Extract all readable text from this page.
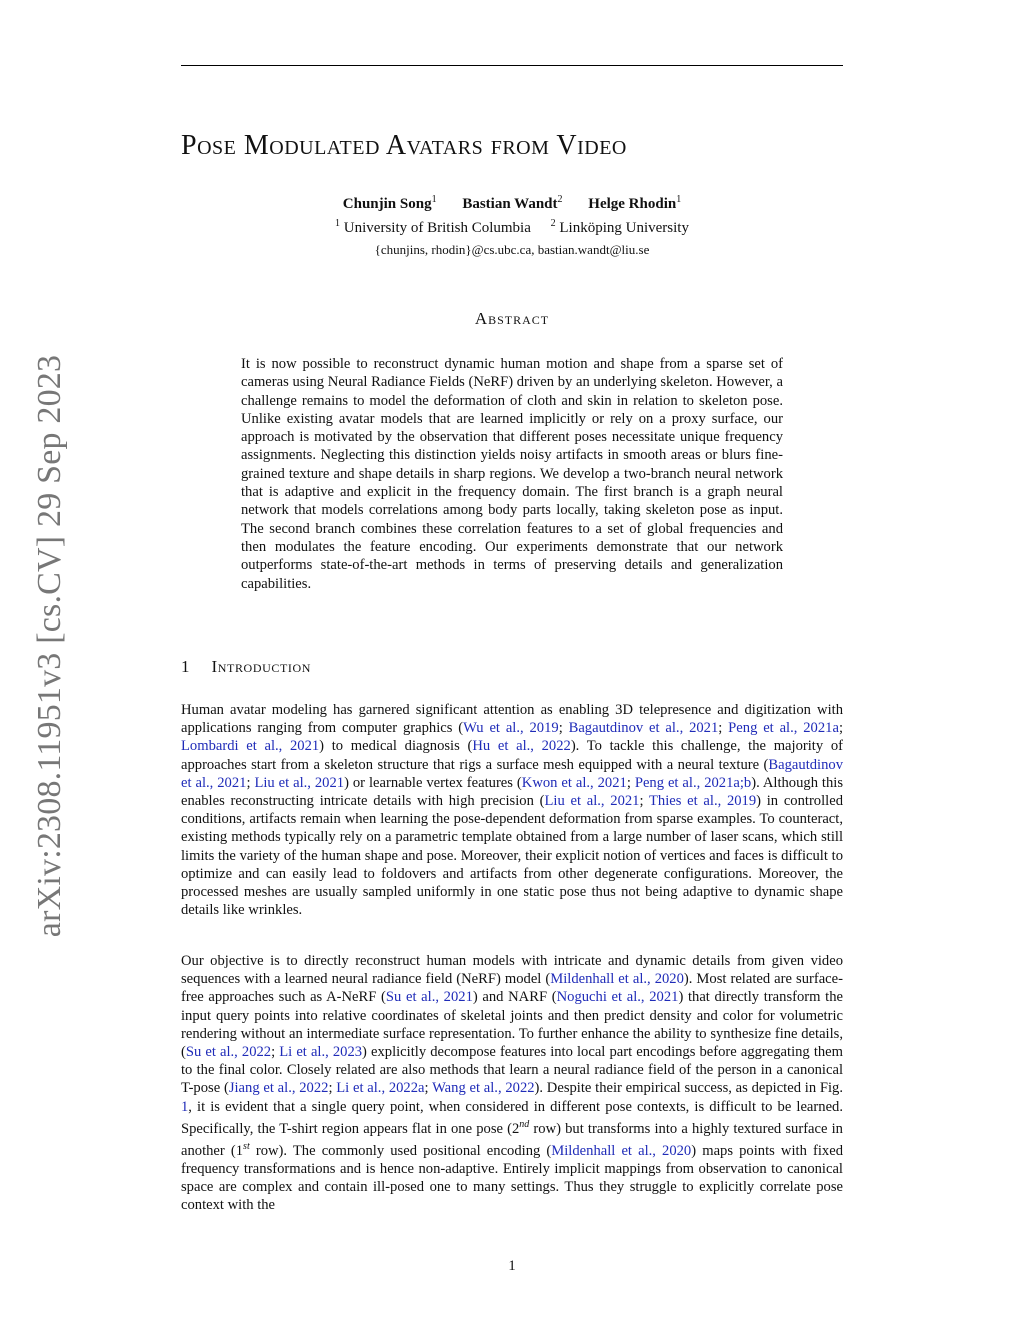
arXiv:2308.11951v3 [cs.CV] 29 Sep 2023
Pose Modulated Avatars from Video
Chunjin Song$^1$ Bastian Wandt$^2$ Helge Rhodin$^1$
$^1$ University of British Columbia $^2$ Linköping University
{chunjins, rhodin}@cs.ubc.ca, bastian.wandt@liu.se
Abstract
It is now possible to reconstruct dynamic human motion and shape from a sparse set of cameras using Neural Radiance Fields (NeRF) driven by an underlying skeleton. However, a challenge remains to model the deformation of cloth and skin in relation to skeleton pose. Unlike existing avatar models that are learned implicitly or rely on a proxy surface, our approach is motivated by the observation that different poses necessitate unique frequency assignments. Neglecting this distinction yields noisy artifacts in smooth areas or blurs fine-grained texture and shape details in sharp regions. We develop a two-branch neural network that is adaptive and explicit in the frequency domain. The first branch is a graph neural network that models correlations among body parts locally, taking skeleton pose as input. The second branch combines these correlation features to a set of global frequencies and then modulates the feature encoding. Our experiments demonstrate that our network outperforms state-of-the-art methods in terms of preserving details and generalization capabilities.
1 Introduction
Human avatar modeling has garnered significant attention as enabling 3D telepresence and digitization with applications ranging from computer graphics (Wu et al., 2019; Bagautdinov et al., 2021; Peng et al., 2021a; Lombardi et al., 2021) to medical diagnosis (Hu et al., 2022). To tackle this challenge, the majority of approaches start from a skeleton structure that rigs a surface mesh equipped with a neural texture (Bagautdinov et al., 2021; Liu et al., 2021) or learnable vertex features (Kwon et al., 2021; Peng et al., 2021a;b). Although this enables reconstructing intricate details with high precision (Liu et al., 2021; Thies et al., 2019) in controlled conditions, artifacts remain when learning the pose-dependent deformation from sparse examples. To counteract, existing methods typically rely on a parametric template obtained from a large number of laser scans, which still limits the variety of the human shape and pose. Moreover, their explicit notion of vertices and faces is difficult to optimize and can easily lead to foldovers and artifacts from other degenerate configurations. Moreover, the processed meshes are usually sampled uniformly in one static pose thus not being adaptive to dynamic shape details like wrinkles.
Our objective is to directly reconstruct human models with intricate and dynamic details from given video sequences with a learned neural radiance field (NeRF) model (Mildenhall et al., 2020). Most related are surface-free approaches such as A-NeRF (Su et al., 2021) and NARF (Noguchi et al., 2021) that directly transform the input query points into relative coordinates of skeletal joints and then predict density and color for volumetric rendering without an intermediate surface representation. To further enhance the ability to synthesize fine details, (Su et al., 2022; Li et al., 2023) explicitly decompose features into local part encodings before aggregating them to the final color. Closely related are also methods that learn a neural radiance field of the person in a canonical T-pose (Jiang et al., 2022; Li et al., 2022a; Wang et al., 2022). Despite their empirical success, as depicted in Fig. 1, it is evident that a single query point, when considered in different pose contexts, is difficult to be learned. Specifically, the T-shirt region appears flat in one pose (2nd row) but transforms into a highly textured surface in another (1st row). The commonly used positional encoding (Mildenhall et al., 2020) maps points with fixed frequency transformations and is hence non-adaptive. Entirely implicit mappings from observation to canonical space are complex and contain ill-posed one to many settings. Thus they struggle to explicitly correlate pose context with the
1
